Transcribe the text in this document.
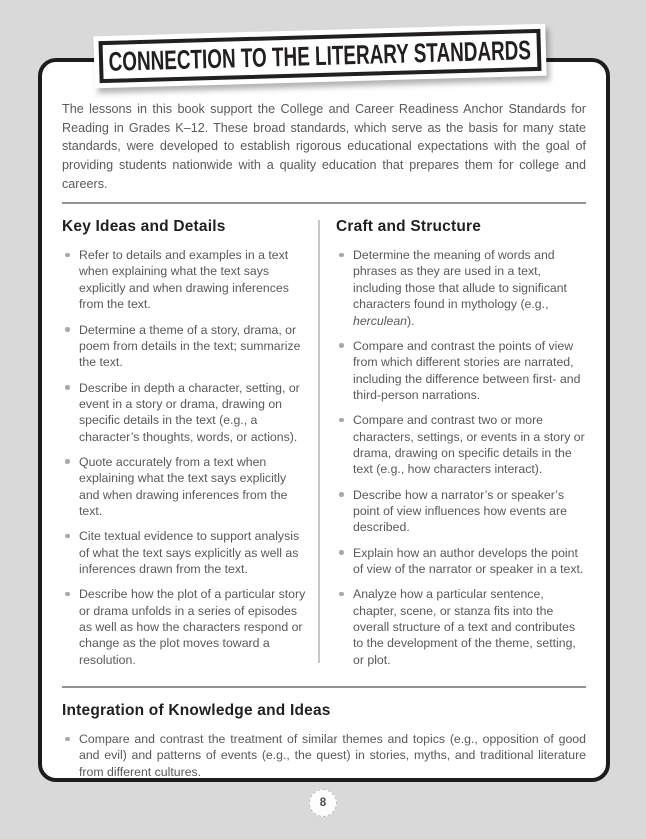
CONNECTION TO THE LITERARY STANDARDS

The lessons in this book support the College and Career Readiness Anchor Standards for Reading in Grades K–12. These broad standards, which serve as the basis for many state standards, were developed to establish rigorous educational expectations with the goal of providing students nationwide with a quality education that prepares them for college and careers.

Key Ideas and Details
Refer to details and examples in a text when explaining what the text says explicitly and when drawing inferences from the text.
Determine a theme of a story, drama, or poem from details in the text; summarize the text.
Describe in depth a character, setting, or event in a story or drama, drawing on specific details in the text (e.g., a character’s thoughts, words, or actions).
Quote accurately from a text when explaining what the text says explicitly and when drawing inferences from the text.
Cite textual evidence to support analysis of what the text says explicitly as well as inferences drawn from the text.
Describe how the plot of a particular story or drama unfolds in a series of episodes as well as how the characters respond or change as the plot moves toward a resolution.
Craft and Structure
Determine the meaning of words and phrases as they are used in a text, including those that allude to significant characters found in mythology (e.g., herculean).
Compare and contrast the points of view from which different stories are narrated, including the difference between first- and third-person narrations.
Compare and contrast two or more characters, settings, or events in a story or drama, drawing on specific details in the text (e.g., how characters interact).
Describe how a narrator’s or speaker’s point of view influences how events are described.
Explain how an author develops the point of view of the narrator or speaker in a text.
Analyze how a particular sentence, chapter, scene, or stanza fits into the overall structure of a text and contributes to the development of the theme, setting, or plot.
Integration of Knowledge and Ideas
Compare and contrast the treatment of similar themes and topics (e.g., opposition of good and evil) and patterns of events (e.g., the quest) in stories, myths, and traditional literature from different cultures.

8
